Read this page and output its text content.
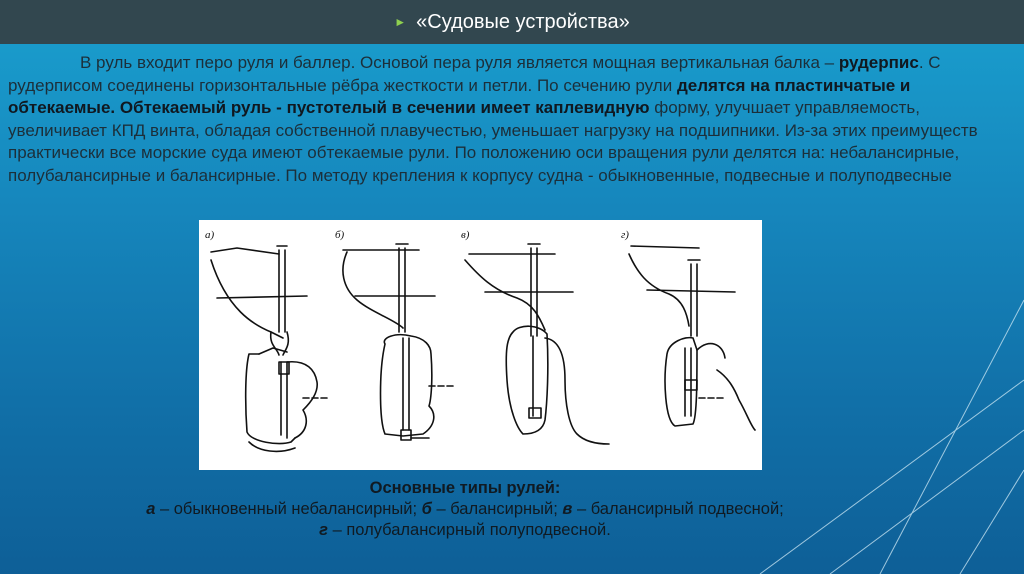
► «Судовые устройства»
В руль входит перо руля и баллер. Основой пера руля является мощная вертикальная балка – рудерпис. С рудерписом соединены горизонтальные рёбра жесткости и петли. По сечению рули делятся на пластинчатые и обтекаемые. Обтекаемый руль - пустотелый в сечении имеет каплевидную форму, улучшает управляемость, увеличивает КПД винта, обладая собственной плавучестью, уменьшает нагрузку на подшипники. Из-за этих преимуществ практически все морские суда имеют обтекаемые рули. По положению оси вращения рули делятся на: небалансирные, полубалансирные и балансирные. По методу крепления к корпусу судна - обыкновенные, подвесные и полуподвесные
а)	б)	в)	г)
Основные типы рулей:
а – обыкновенный небалансирный; б – балансирный; в – балансирный подвесной;
г – полубалансирный полуподвесной.
